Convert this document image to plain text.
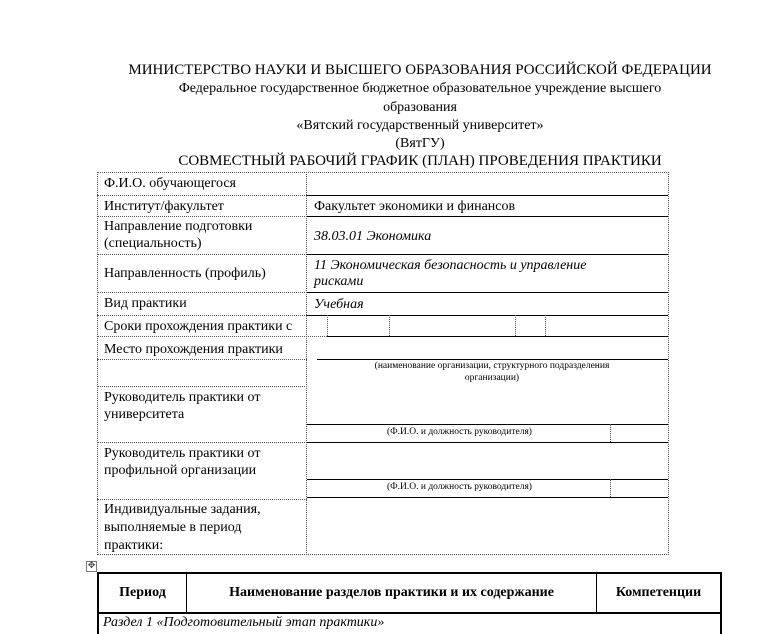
МИНИСТЕРСТВО НАУКИ И ВЫСШЕГО ОБРАЗОВАНИЯ РОССИЙСКОЙ ФЕДЕРАЦИИ
Федеральное государственное бюджетное образовательное учреждение высшего
образования
«Вятский государственный университет»
(ВятГУ)
СОВМЕСТНЫЙ РАБОЧИЙ ГРАФИК (ПЛАН) ПРОВЕДЕНИЯ ПРАКТИКИ
Ф.И.О. обучающегося
Институт/факультет
Направление подготовки
(специальность)
Направленность (профиль)
Вид практики
Сроки прохождения практики с
Место прохождения практики
Руководитель практики от
университета
Руководитель практики от
профильной организации
Индивидуальные задания,
выполняемые в период
практики:
Факультет экономики и финансов
38.03.01 Экономика
11 Экономическая безопасность и управление
рисками
Учебная
(наименование организации, структурного подразделения
организации)
(Ф.И.О. и должность руководителя)
(Ф.И.О. и должность руководителя)
✥
Период	Наименование разделов практики и их содержание	Компетенции
Раздел 1 «Подготовительный этап практики»
